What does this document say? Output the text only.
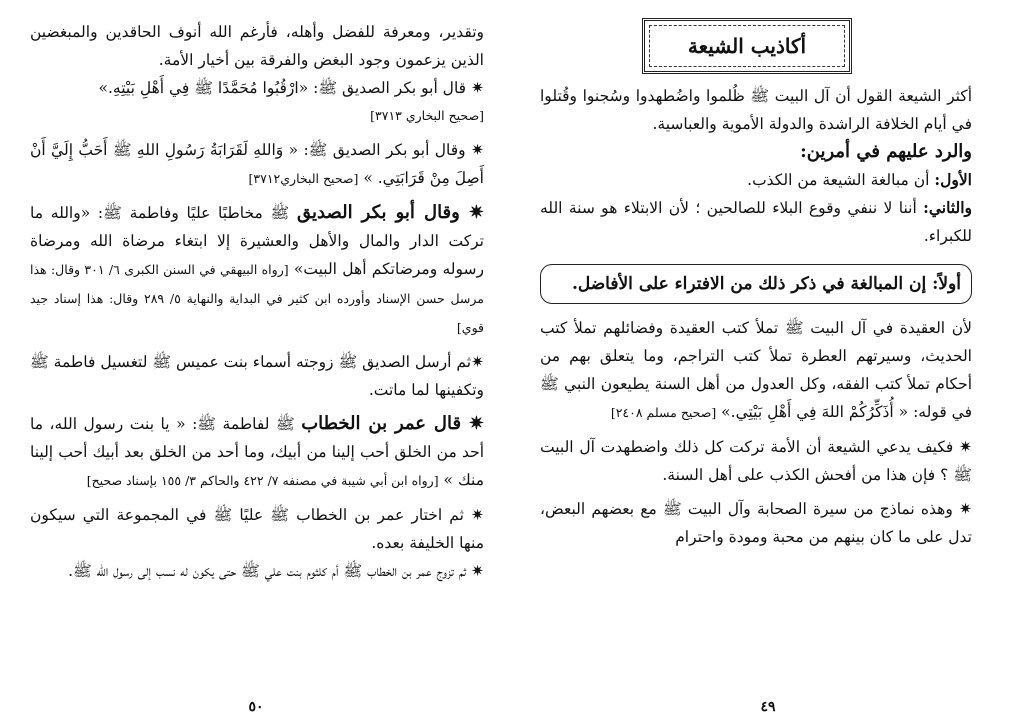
وتقدير، ومعرفة للفضل وأهله، فأرغم الله أنوف الحاقدين والمبغضين الذين يزعمون وجود البغض والفرقة بين أخيار الأمة.

✷ قال أبو بكر الصديق ﷺ: «ارْقُبُوا مُحَمَّدًا ﷺ فِي أَهْلِ بَيْتِهِ.»

[صحيح البخاري ٣٧١٣]

✷ وقال أبو بكر الصديق ﷺ: « وَاللهِ لَقَرَابَةُ رَسُولِ اللهِ ﷺ أَحَبُّ إِلَيَّ أَنْ أَصِلَ مِنْ قَرَابَتِي. » [صحيح البخاري٣٧١٢]

✷ وقال أبو بكر الصديق ﷺ مخاطبًا عليًا وفاطمة ﷺ: «والله ما تركت الدار والمال والأهل والعشيرة إلا ابتغاء مرضاة الله ومرضاة رسوله ومرضاتكم أهل البيت» [رواه البيهقي في السنن الكبرى ٦/ ٣٠١ وقال: هذا مرسل حسن الإسناد وأورده ابن كثير في البداية والنهاية ٥/ ٢٨٩ وقال: هذا إسناد جيد قوي]

✷ثم أرسل الصديق ﷺ زوجته أسماء بنت عميس ﷺ لتغسيل فاطمة ﷺ وتكفينها لما ماتت.

✷ قال عمر بن الخطاب ﷺ لفاطمة ﷺ: « يا بنت رسول الله، ما أحد من الخلق أحب إلينا من أبيك، وما أحد من الخلق بعد أبيك أحب إلينا منك » [رواه ابن أبي شيبة في مصنفه ٧/ ٤٢٢ والحاكم ٣/ ١٥٥ بإسناد صحيح]

✷ ثم اختار عمر بن الخطاب ﷺ عليًا ﷺ في المجموعة التي سيكون منها الخليفة بعده.

✷ ثم تزوج عمر بن الخطاب ﷺ أم كلثوم بنت علي ﷺ حتى يكون له نسب إلى رسول الله ﷺ.

٥٠
أكاذيب الشيعة

أكثر الشيعة القول أن آل البيت ﷺ ظُلموا واضُطهدوا وسُجنوا وقُتلوا في أيام الخلافة الراشدة والدولة الأموية والعباسية.

والرد عليهم في أمرين:

الأول: أن مبالغة الشيعة من الكذب.

والثاني: أننا لا ننفي وقوع البلاء للصالحين ؛ لأن الابتلاء هو سنة الله للكبراء.

أولاً: إن المبالغة في ذكر ذلك من الافتراء على الأفاضل.

لأن العقيدة في آل البيت ﷺ تملأ كتب العقيدة وفضائلهم تملأ كتب الحديث، وسيرتهم العطرة تملأ كتب التراجم، وما يتعلق بهم من أحكام تملأ كتب الفقه، وكل العدول من أهل السنة يطيعون النبي ﷺ في قوله: « أُذَكِّرُكُمْ اللهَ فِي أَهْلِ بَيْتِي.» [صحيح مسلم ٢٤٠٨]

✷ فكيف يدعي الشيعة أن الأمة تركت كل ذلك واضطهدت آل البيت ﷺ ؟ فإن هذا من أفحش الكذب على أهل السنة.

✷ وهذه نماذج من سيرة الصحابة وآل البيت ﷺ مع بعضهم البعض، تدل على ما كان بينهم من محبة ومودة واحترام

٤٩
